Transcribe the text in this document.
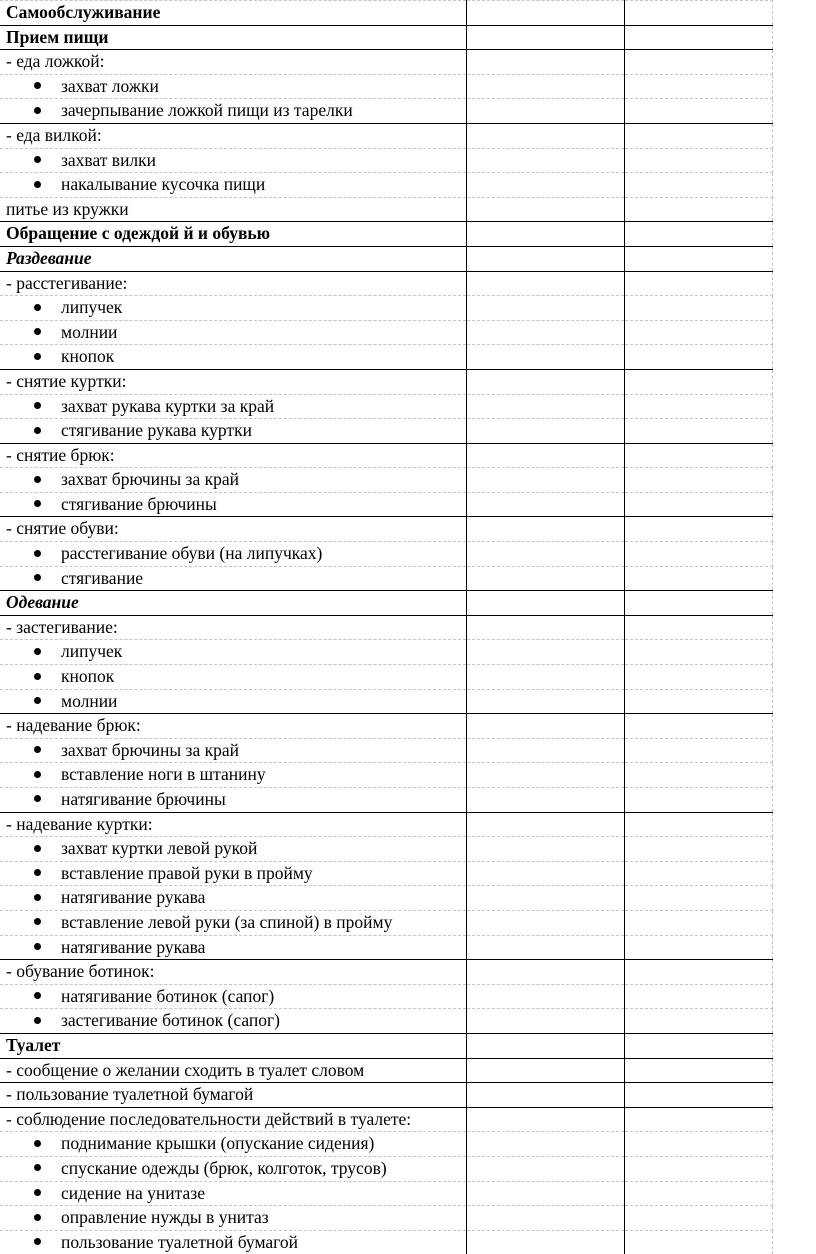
Самообслуживание		
Прием пищи		
- еда ложкой:		
захват ложки		
зачерпывание ложкой пищи из тарелки		
- еда вилкой:		
захват вилки		
накалывание кусочка пищи		
питье из кружки		
Обращение с одеждой й и обувью		
Раздевание		
- расстегивание:		
липучек		
молнии		
кнопок		
- снятие куртки:		
захват рукава куртки за край		
стягивание рукава куртки		
- снятие брюк:		
захват брючины за край		
стягивание брючины		
- снятие обуви:		
расстегивание обуви (на липучках)		
стягивание		
Одевание		
- застегивание:		
липучек		
кнопок		
молнии		
- надевание брюк:		
захват брючины за край		
вставление ноги в штанину		
натягивание брючины		
- надевание куртки:		
захват куртки левой рукой		
вставление правой руки в пройму		
натягивание рукава		
вставление левой руки (за спиной) в пройму		
натягивание рукава		
- обувание ботинок:		
натягивание ботинок (сапог)		
застегивание ботинок (сапог)		
Туалет		
- сообщение о желании сходить в туалет словом		
- пользование туалетной бумагой		
- соблюдение последовательности действий в туалете:		
поднимание крышки (опускание сидения)		
спускание одежды (брюк, колготок, трусов)		
сидение на унитазе		
оправление нужды в унитаз		
пользование туалетной бумагой		
